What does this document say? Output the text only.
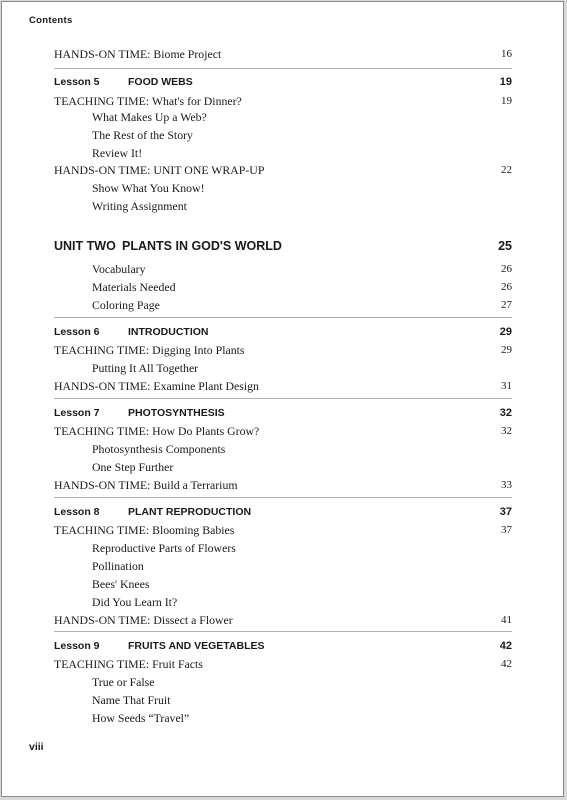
Contents
HANDS-ON TIME: Biome Project	16
Lesson 5	FOOD WEBS	19
TEACHING TIME: What's for Dinner?	19
What Makes Up a Web?
The Rest of the Story
Review It!
HANDS-ON TIME: UNIT ONE WRAP-UP	22
Show What You Know!
Writing Assignment
UNIT TWO PLANTS IN GOD'S WORLD	25
Vocabulary	26
Materials Needed	26
Coloring Page	27
Lesson 6	INTRODUCTION	29
TEACHING TIME: Digging Into Plants	29
Putting It All Together
HANDS-ON TIME: Examine Plant Design	31
Lesson 7	PHOTOSYNTHESIS	32
TEACHING TIME: How Do Plants Grow?	32
Photosynthesis Components
One Step Further
HANDS-ON TIME: Build a Terrarium	33
Lesson 8	PLANT REPRODUCTION	37
TEACHING TIME: Blooming Babies	37
Reproductive Parts of Flowers
Pollination
Bees' Knees
Did You Learn It?
HANDS-ON TIME: Dissect a Flower	41
Lesson 9	FRUITS AND VEGETABLES	42
TEACHING TIME: Fruit Facts	42
True or False
Name That Fruit
How Seeds “Travel”
viii
